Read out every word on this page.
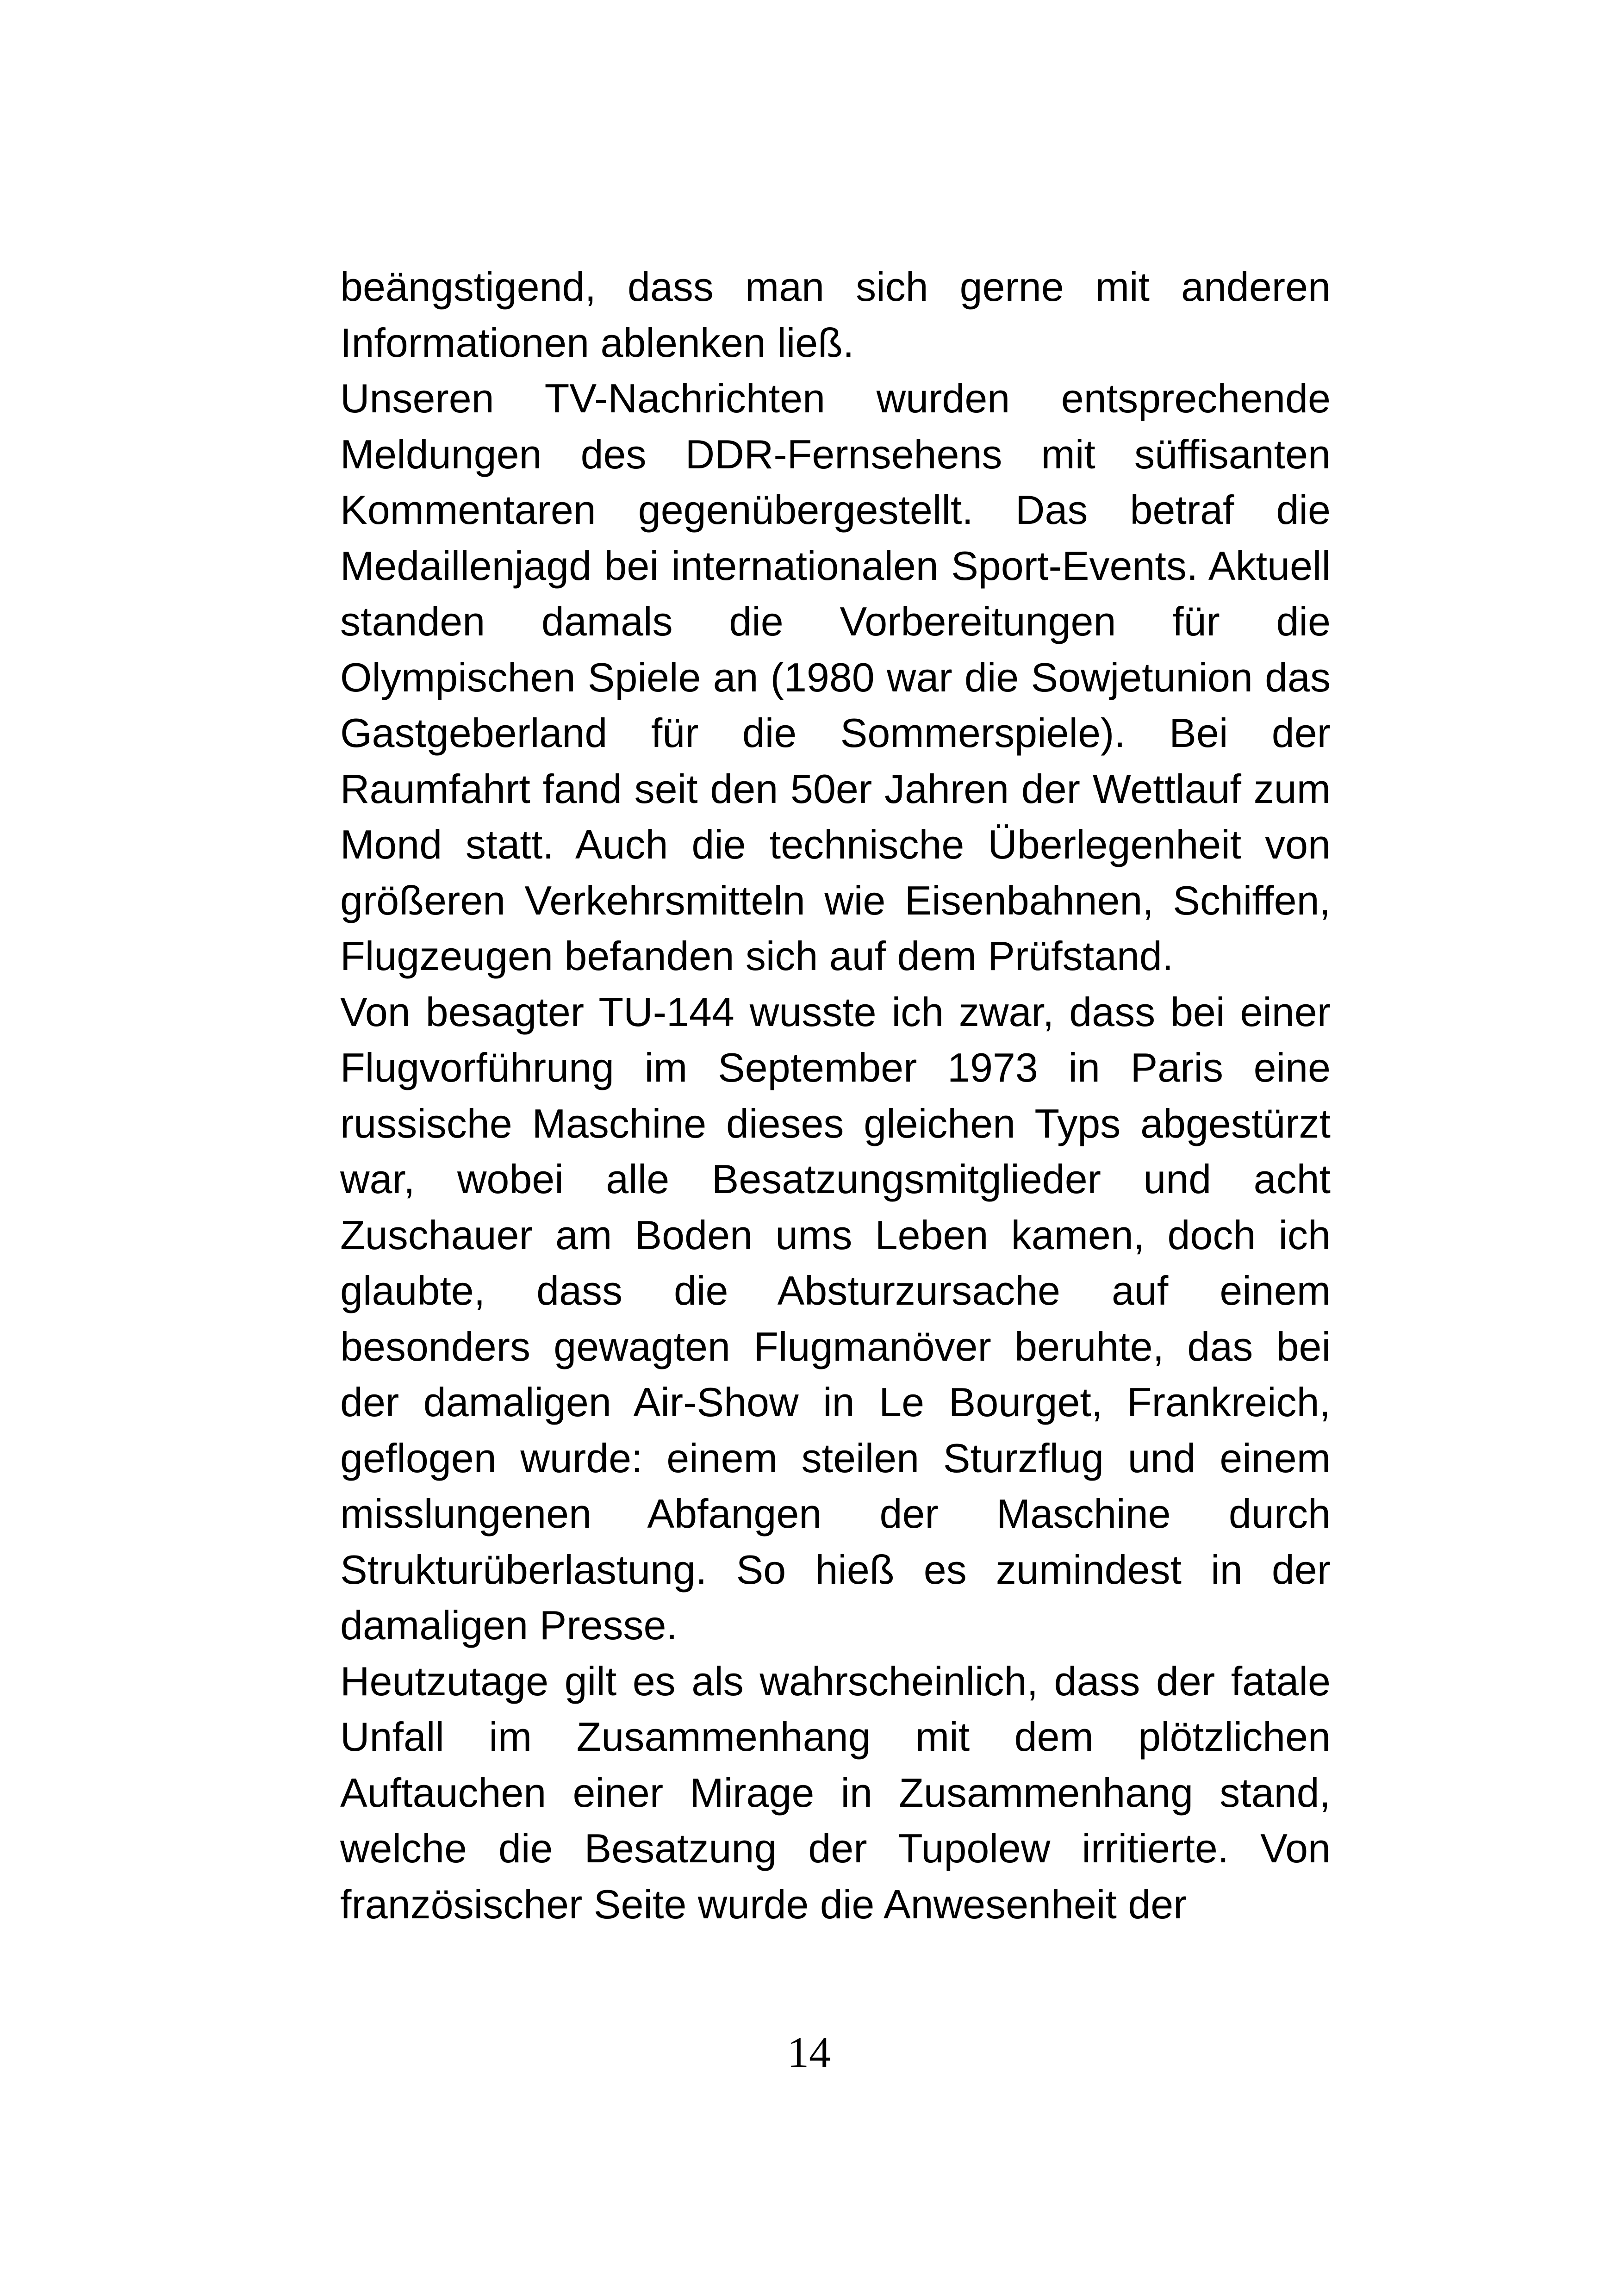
beängstigend, dass man sich gerne mit anderen Informationen ablenken ließ.

Unseren TV-Nachrichten wurden entsprechende Meldungen des DDR-Fernsehens mit süffisanten Kommentaren gegenübergestellt. Das betraf die Medaillenjagd bei internationalen Sport-Events. Aktuell standen damals die Vorbereitungen für die Olympischen Spiele an (1980 war die Sowjetunion das Gastgeberland für die Sommerspiele). Bei der Raumfahrt fand seit den 50er Jahren der Wettlauf zum Mond statt. Auch die technische Überlegenheit von größeren Verkehrsmitteln wie Eisenbahnen, Schiffen, Flugzeugen befanden sich auf dem Prüfstand.

Von besagter TU-144 wusste ich zwar, dass bei einer Flugvorführung im September 1973 in Paris eine russische Maschine dieses gleichen Typs abgestürzt war, wobei alle Besatzungsmitglieder und acht Zuschauer am Boden ums Leben kamen, doch ich glaubte, dass die Absturzursache auf einem besonders gewagten Flugmanöver beruhte, das bei der damaligen Air-Show in Le Bourget, Frankreich, geflogen wurde: einem steilen Sturzflug und einem misslungenen Abfangen der Maschine durch Strukturüberlastung. So hieß es zumindest in der damaligen Presse.

Heutzutage gilt es als wahrscheinlich, dass der fatale Unfall im Zusammenhang mit dem plötzlichen Auftauchen einer Mirage in Zusammenhang stand, welche die Besatzung der Tupolew irritierte. Von französischer Seite wurde die Anwesenheit der

14
